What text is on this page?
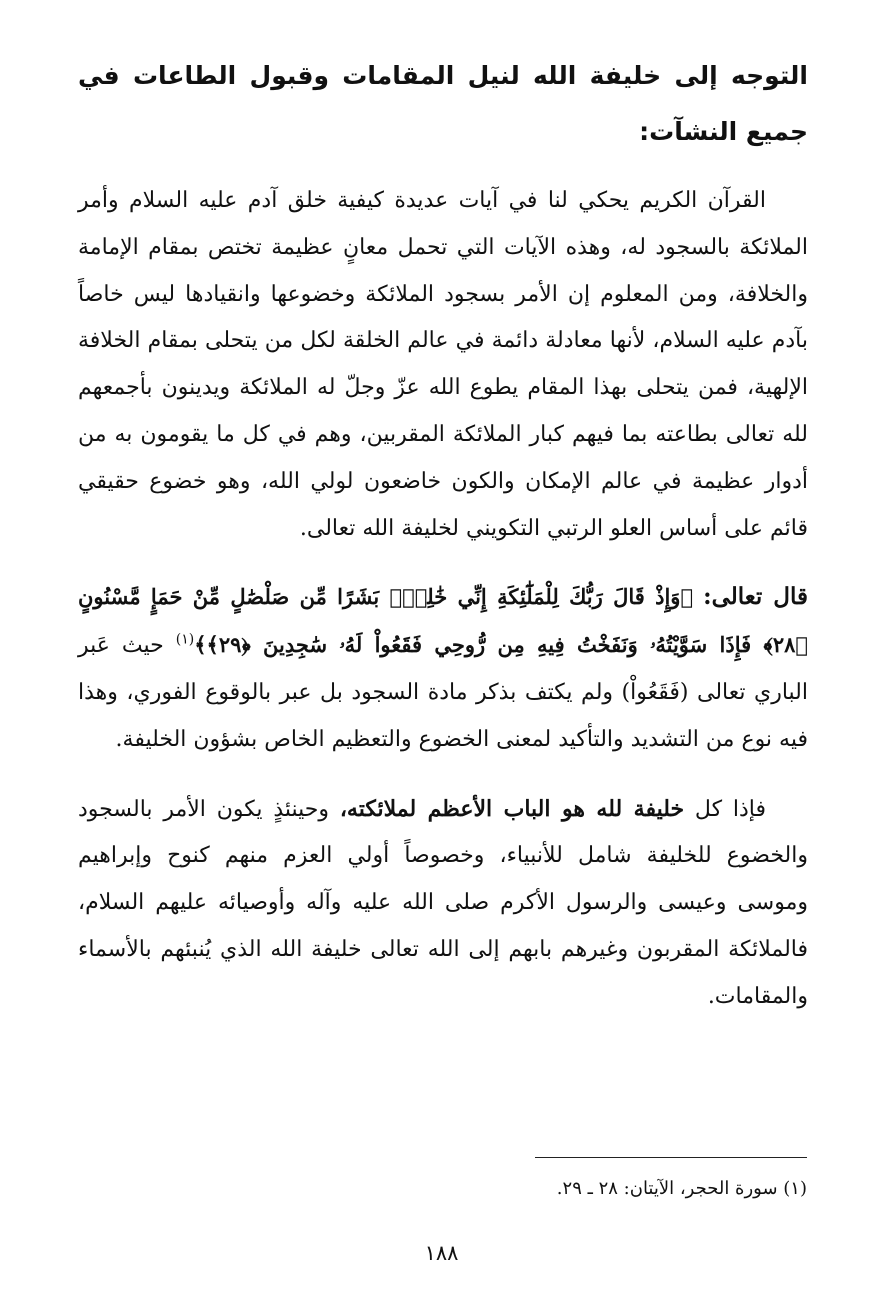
التوجه إلى خليفة الله لنيل المقامات وقبول الطاعات في جميع النشآت:

القرآن الكريم يحكي لنا في آيات عديدة كيفية خلق آدم عليه السلام وأمر الملائكة بالسجود له، وهذه الآيات التي تحمل معانٍ عظيمة تختص بمقام الإمامة والخلافة، ومن المعلوم إن الأمر بسجود الملائكة وخضوعها وانقيادها ليس خاصاً بآدم عليه السلام، لأنها معادلة دائمة في عالم الخلقة لكل من يتحلى بمقام الخلافة الإلهية، فمن يتحلى بهذا المقام يطوع الله عزّ وجلّ له الملائكة ويدينون بأجمعهم لله تعالى بطاعته بما فيهم كبار الملائكة المقربين، وهم في كل ما يقومون به من أدوار عظيمة في عالم الإمكان والكون خاضعون لولي الله، وهو خضوع حقيقي قائم على أساس العلو الرتبي التكويني لخليفة الله تعالى.

قال تعالى: ﴿وَإِذْ قَالَ رَبُّكَ لِلْمَلَٰٓئِكَةِ إِنِّي خَٰلِقٌۢ بَشَرًا مِّن صَلْصَٰلٍ مِّنْ حَمَإٍ مَّسْنُونٍ ﴿٢٨﴾ فَإِذَا سَوَّيْتُهُۥ وَنَفَخْتُ فِيهِ مِن رُّوحِي فَقَعُواْ لَهُۥ سَٰجِدِينَ ﴿٢٩﴾﴾$^{(١)}$ حيث عَبر الباري تعالى (فَقَعُواْ) ولم يكتف بذكر مادة السجود بل عبر بالوقوع الفوري، وهذا فيه نوع من التشديد والتأكيد لمعنى الخضوع والتعظيم الخاص بشؤون الخليفة.

فإذا كل خليفة لله هو الباب الأعظم لملائكته، وحينئذٍ يكون الأمر بالسجود والخضوع للخليفة شامل للأنبياء، وخصوصاً أولي العزم منهم كنوح وإبراهيم وموسى وعيسى والرسول الأكرم صلى الله عليه وآله وأوصيائه عليهم السلام، فالملائكة المقربون وغيرهم بابهم إلى الله تعالى خليفة الله الذي يُنبئهم بالأسماء والمقامات.

(١) سورة الحجر، الآيتان: ٢٨ ـ ٢٩.
١٨٨
